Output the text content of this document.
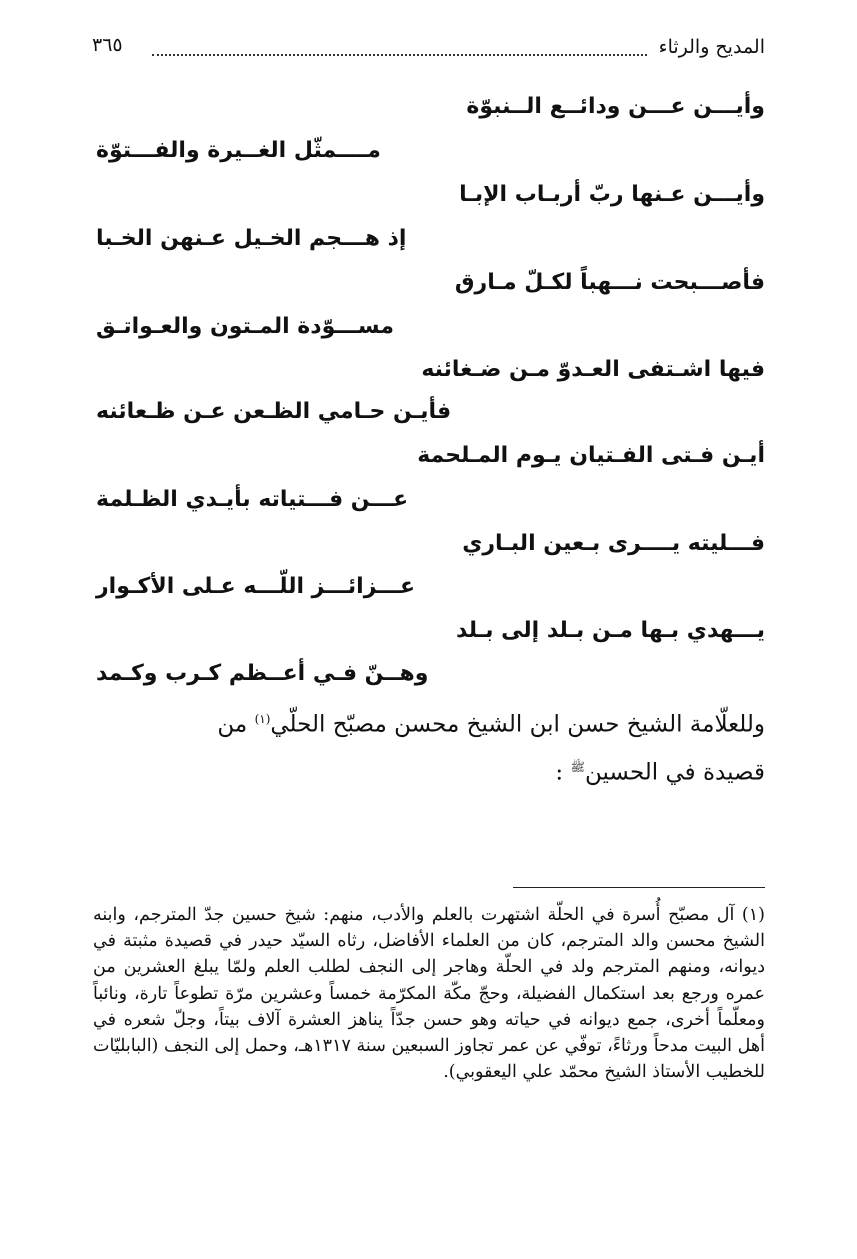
المديح والرثاء
٣٦٥
وأيـــن عـــن ودائــع الــنبوّة
مــــمثّل الغــيرة والفـــتوّة
وأيـــن عـنها ربّ أربـاب الإبـا
إذ هـــجم الخـيل عـنهن الخـبا
فأصـــبحت نـــهباً لكـلّ مـارق
مســـوّدة المـتون والعـواتـق
فيها اشـتفى العـدوّ مـن ضـغائنه
فأيـن حـامي الظـعن عـن ظـعائنه
أيـن فـتى الفـتيان يـوم المـلحمة
عـــن فـــتياته بأيـدي الظـلمة
فـــليته يــــرى بـعين البـاري
عـــزائـــز اللّـــه عـلى الأكـوار
يـــهدي بـها مـن بـلد إلى بـلد
وهــنّ فـي أعــظم كـرب وكـمد
وللعلّامة الشيخ حسن ابن الشيخ محسن مصبّح الحلّي$^{(١)}$ من
قصيدة في الحسين$^ﷺ$ :
(١) آل مصبّح أُسرة في الحلّة اشتهرت بالعلم والأدب، منهم: شيخ حسين جدّ المترجم، وابنه الشيخ محسن والد المترجم، كان من العلماء الأفاضل، رثاه السيّد حيدر في قصيدة مثبتة في ديوانه، ومنهم المترجم ولد في الحلّة وهاجر إلى النجف لطلب العلم ولمّا يبلغ العشرين من عمره ورجع بعد استكمال الفضيلة، وحجّ مكّة المكرّمة خمساً وعشرين مرّة تطوعاً تارة، ونائباً ومعلّماً أخرى، جمع ديوانه في حياته وهو حسن جدّاً يناهز العشرة آلاف بيتاً، وجلّ شعره في أهل البيت مدحاً ورثاءً، توفّي عن عمر تجاوز السبعين سنة ١٣١٧هـ، وحمل إلى النجف (البابليّات للخطيب الأستاذ الشيخ محمّد علي اليعقوبي).
